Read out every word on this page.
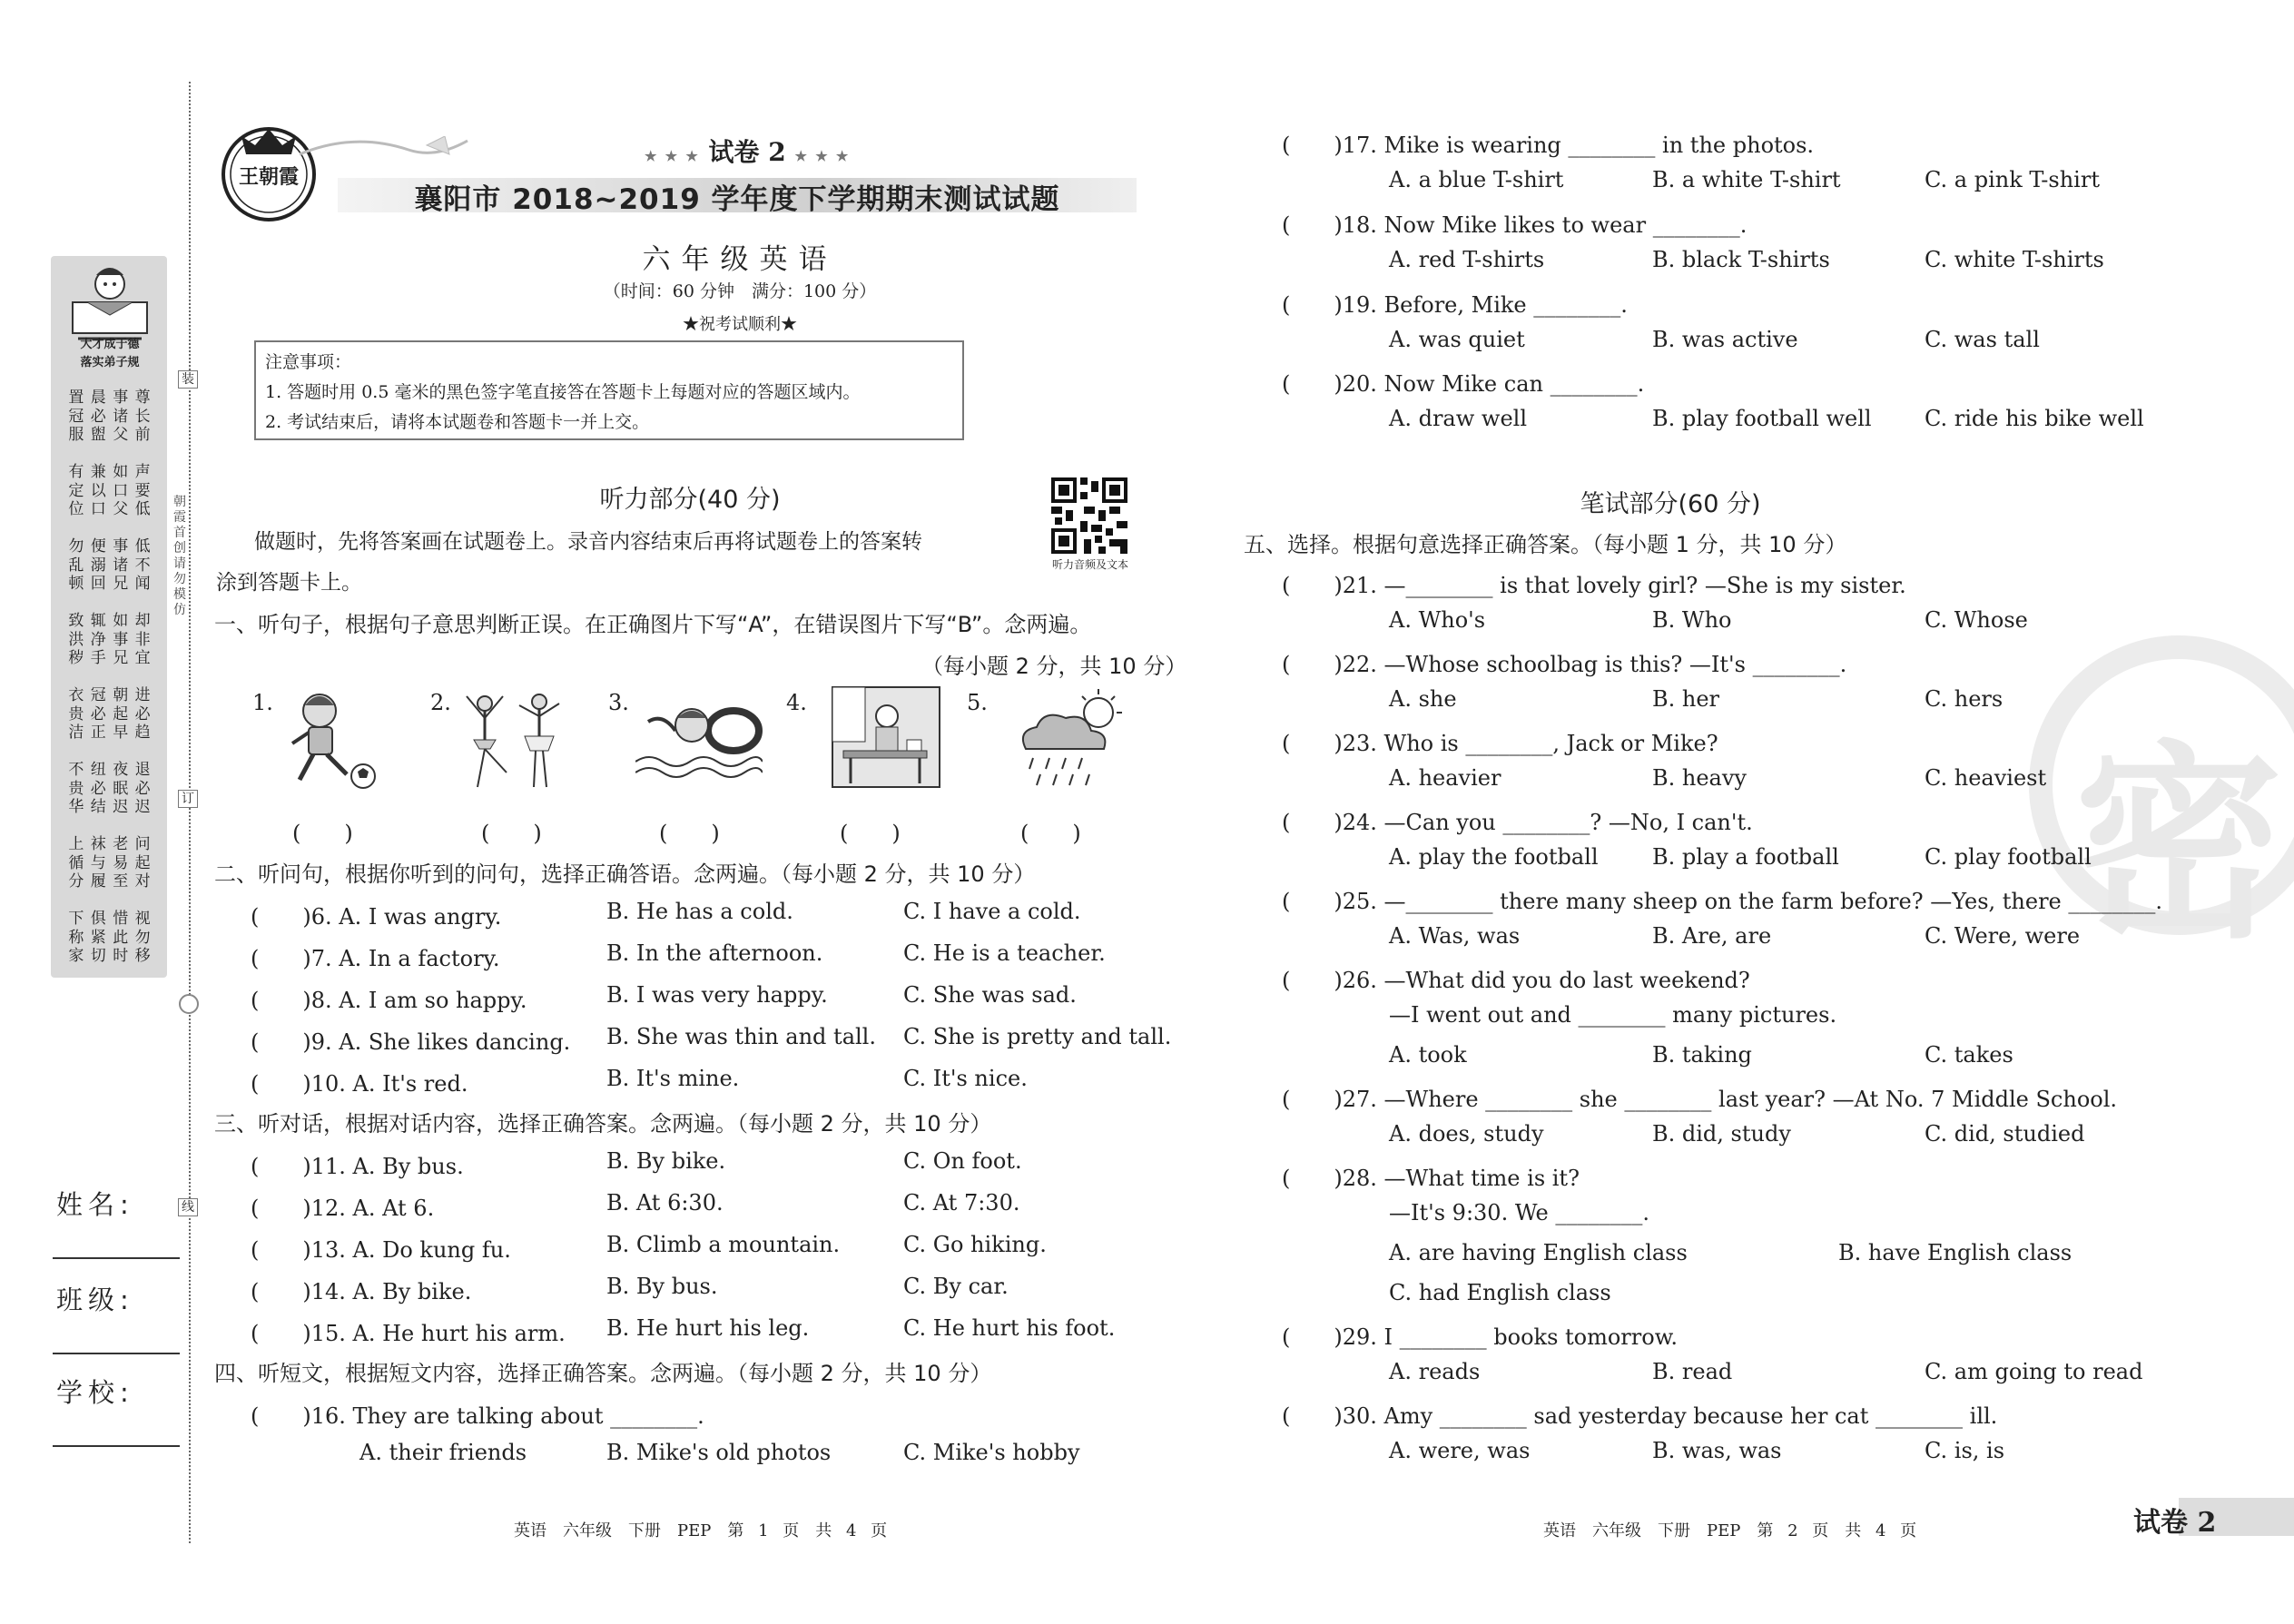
大才成于德
落实弟子规
置 晨 事 尊
冠 必 诸 长
服 盥 父 前

有 兼 如 声
定 以 口 要
位 口 父 低

勿 便 事 低
乱 溺 诸 不
顿 回 兄 闻

致 辄 如 却
洪 净 事 非
秽 手 兄 宜

衣 冠 朝 进
贵 必 起 必
洁 正 早 趋

不 纽 夜 退
贵 必 眠 必
华 结 迟 迟

上 袜 老 问
循 与 易 起
分 履 至 对

下 俱 惜 视
称 紧 此 勿
家 切 时 移
装
订
线
朝霞首创请勿模仿
姓名:
班级:
学校:
王朝霞
★ ★ ★ 试卷 2 ★ ★ ★
襄阳市 2018~2019 学年度下学期期末测试试题
六年级英语
（时间：60 分钟　满分：100 分）
★祝考试顺利★
注意事项：
1. 答题时用 0.5 毫米的黑色签字笔直接答在答题卡上每题对应的答题区域内。
2. 考试结束后，请将本试题卷和答题卡一并上交。
听力部分(40 分)
做题时，先将答案画在试题卷上。录音内容结束后再将试题卷上的答案转
涂到答题卡上。
听力音频及文本
一、听句子，根据句子意思判断正误。在正确图片下写“A”，在错误图片下写“B”。念两遍。
（每小题 2 分，共 10 分）
1.	2.	3.	4.	5.
(　　)	(　　)	(　　)	(　　)	(　　)
二、听问句，根据你听到的问句，选择正确答语。念两遍。（每小题 2 分，共 10 分）
(　　)6. A. I was angry.	B. He has a cold.	C. I have a cold.
(　　)7. A. In a factory.	B. In the afternoon.	C. He is a teacher.
(　　)8. A. I am so happy.	B. I was very happy.	C. She was sad.
(　　)9. A. She likes dancing. B. She was thin and tall. C. She is pretty and tall.
(　　)10. A. It's red.	B. It's mine.	C. It's nice.
三、听对话，根据对话内容，选择正确答案。念两遍。（每小题 2 分，共 10 分）
(　　)11. A. By bus.	B. By bike.	C. On foot.
(　　)12. A. At 6.	B. At 6:30.	C. At 7:30.
(　　)13. A. Do kung fu.	B. Climb a mountain.	C. Go hiking.
(　　)14. A. By bike.	B. By bus.	C. By car.
(　　)15. A. He hurt his arm. B. He hurt his leg.	C. He hurt his foot.
四、听短文，根据短文内容，选择正确答案。念两遍。（每小题 2 分，共 10 分）
(　　)16. They are talking about ________.
A. their friends	B. Mike's old photos	C. Mike's hobby
英语　六年级　下册　PEP　第 1 页　共 4 页
密
(　　)17. Mike is wearing ________ in the photos.
A. a blue T-shirt	B. a white T-shirt	C. a pink T-shirt
(　　)18. Now Mike likes to wear ________.
A. red T-shirts	B. black T-shirts	C. white T-shirts
(　　)19. Before, Mike ________.
A. was quiet	B. was active	C. was tall
(　　)20. Now Mike can ________.
A. draw well	B. play football well C. ride his bike well
笔试部分(60 分)
五、选择。根据句意选择正确答案。（每小题 1 分，共 10 分）
(　　)21. —________ is that lovely girl? —She is my sister.
A. Who's	B. Who	C. Whose
(　　)22. —Whose schoolbag is this? —It's ________.
A. she	B. her	C. hers
(　　)23. Who is ________, Jack or Mike?
A. heavier	B. heavy	C. heaviest
(　　)24. —Can you ________? —No, I can't.
A. play the football B. play a football	C. play football
(　　)25. —________ there many sheep on the farm before? —Yes, there ________.
A. Was, was	B. Are, are	C. Were, were
(　　)26. —What did you do last weekend?
—I went out and ________ many pictures.
A. took	B. taking	C. takes
(　　)27. —Where ________ she ________ last year? —At No. 7 Middle School.
A. does, study	B. did, study	C. did, studied
(　　)28. —What time is it?
—It's 9:30. We ________.
A. are having English class	B. have English class
C. had English class
(　　)29. I ________ books tomorrow.
A. reads	B. read	C. am going to read
(　　)30. Amy ________ sad yesterday because her cat ________ ill.
A. were, was	B. was, was	C. is, is
英语　六年级　下册　PEP　第 2 页　共 4 页	试卷 2
